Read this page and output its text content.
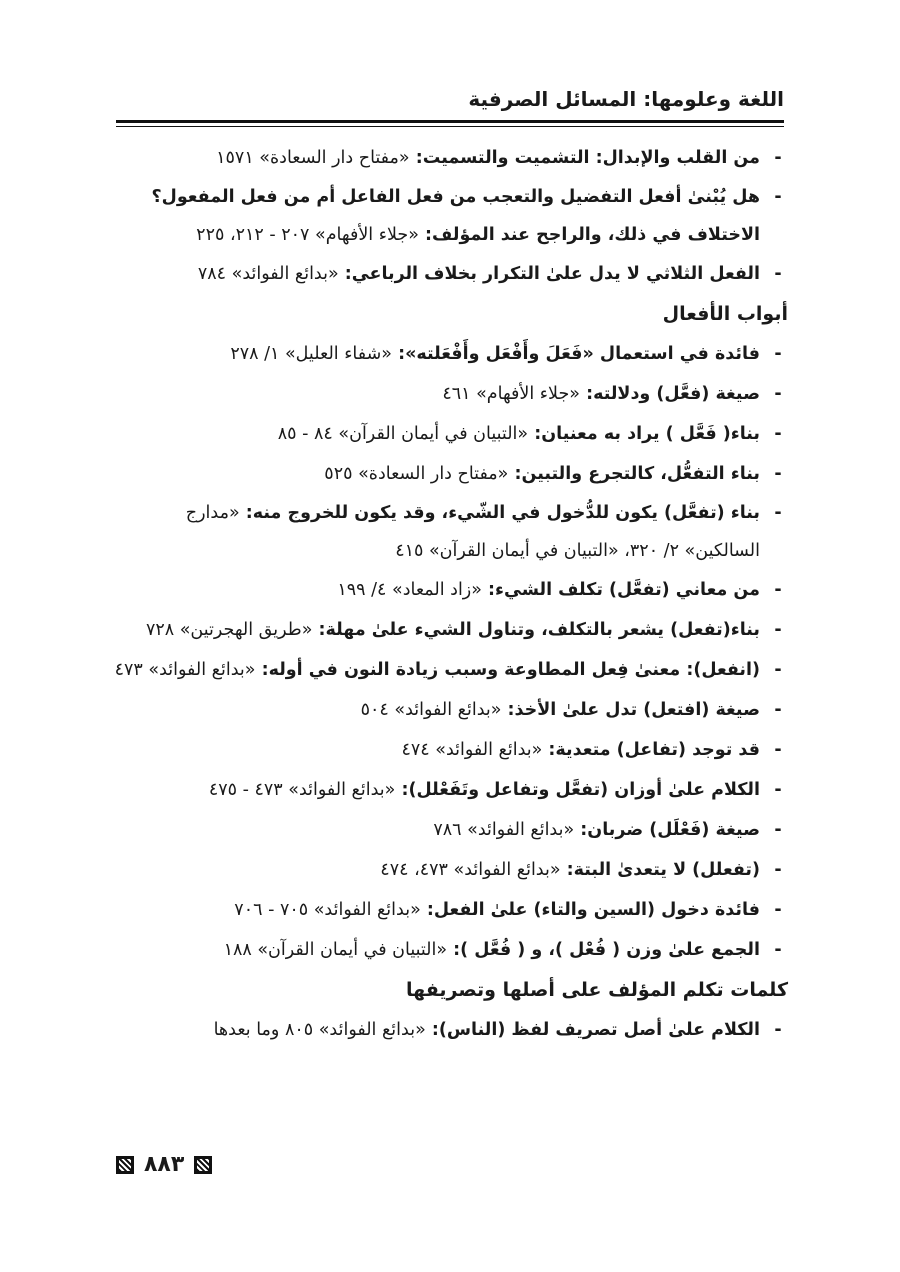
اللغة وعلومها: المسائل الصرفية
-
من القلب والإبدال: التشميت والتسميت: «مفتاح دار السعادة» ١٥٧١
-
هل يُبْنىٰ أفعل التفضيل والتعجب من فعل الفاعل أم من فعل المفعول؟ الاختلاف في ذلك، والراجح عند المؤلف: «جلاء الأفهام» ٢٠٧ - ٢١٢، ٢٢٥
-
الفعل الثلاثي لا يدل علىٰ التكرار بخلاف الرباعي: «بدائع الفوائد» ٧٨٤
أبواب الأفعال
-
فائدة في استعمال «فَعَلَ وأَفْعَل وأَفْعَلته»: «شفاء العليل» ١/ ٢٧٨
-
صيغة (فعَّل) ودلالته: «جلاء الأفهام» ٤٦١
-
بناء( فَعَّل ) يراد به معنيان: «التبيان في أيمان القرآن» ٨٤ - ٨٥
-
بناء التفعُّل، كالتجرع والتبين: «مفتاح دار السعادة» ٥٢٥
-
بناء (تفعَّل) يكون للدُّخول في الشّيء، وقد يكون للخروج منه: «مدارج السالكين» ٢/ ٣٢٠، «التبيان في أيمان القرآن» ٤١٥
-
من معاني (تفعَّل) تكلف الشيء: «زاد المعاد» ٤/ ١٩٩
-
بناء(تفعل) يشعر بالتكلف، وتناول الشيء علىٰ مهلة: «طريق الهجرتين» ٧٢٨
-
(انفعل): معنىٰ فِعل المطاوعة وسبب زيادة النون في أوله: «بدائع الفوائد» ٤٧٣
-
صيغة (افتعل) تدل علىٰ الأخذ: «بدائع الفوائد» ٥٠٤
-
قد توجد (تفاعل) متعدية: «بدائع الفوائد» ٤٧٤
-
الكلام علىٰ أوزان (تفعَّل وتفاعل وتَفَعْلل): «بدائع الفوائد» ٤٧٣ - ٤٧٥
-
صيغة (فَعْلَل) ضربان: «بدائع الفوائد» ٧٨٦
-
(تفعلل) لا يتعدىٰ البتة: «بدائع الفوائد» ٤٧٣، ٤٧٤
-
فائدة دخول (السين والتاء) علىٰ الفعل: «بدائع الفوائد» ٧٠٥ - ٧٠٦
-
الجمع علىٰ وزن ( فُعْل )، و ( فُعَّل ): «التبيان في أيمان القرآن» ١٨٨
كلمات تكلم المؤلف على أصلها وتصريفها
-
الكلام علىٰ أصل تصريف لفظ (الناس): «بدائع الفوائد» ٨٠٥ وما بعدها
٨٨٣
